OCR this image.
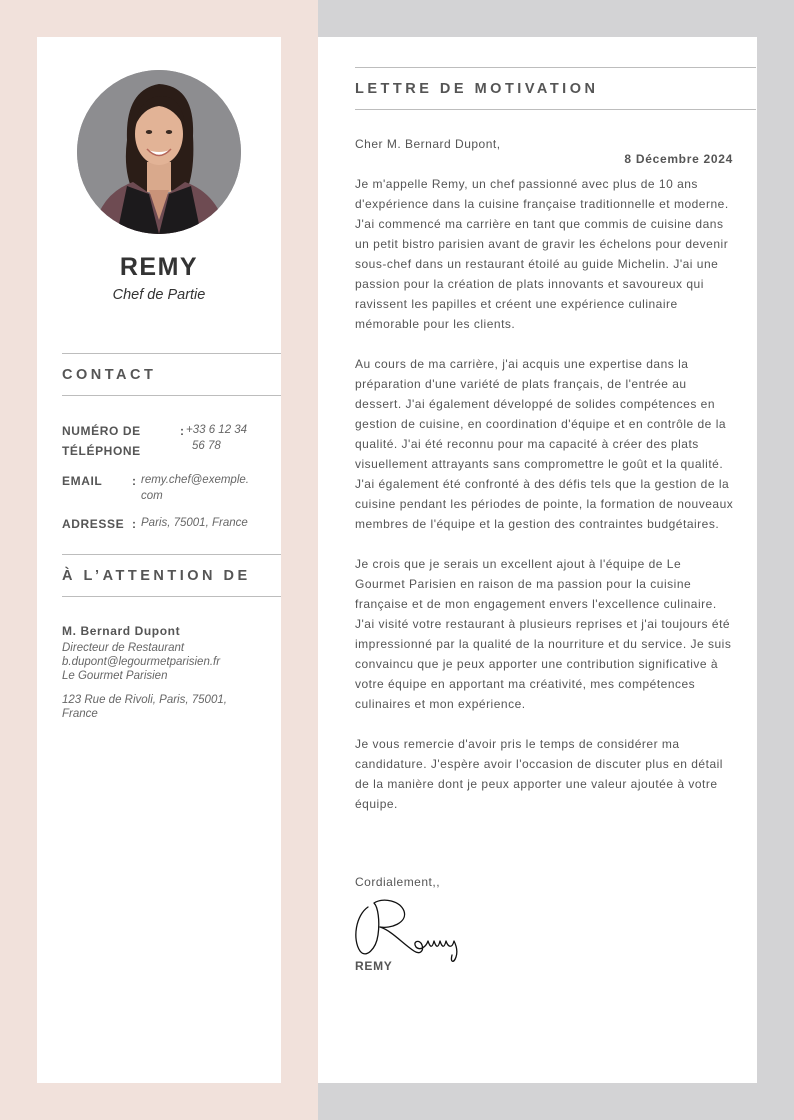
REMY
Chef de Partie
CONTACT
NUMÉRO DE
TÉLÉPHONE
: +33 6 12 34
56 78
EMAIL	: remy.chef@exemple.
com
ADRESSE : Paris, 75001, France
À L’ATTENTION DE
M. Bernard Dupont
Directeur de Restaurant
b.dupont@legourmetparisien.fr
Le Gourmet Parisien
123 Rue de Rivoli, Paris, 75001,
France
LETTRE DE MOTIVATION
Cher M. Bernard Dupont,
8 Décembre 2024

Je m'appelle Remy, un chef passionné avec plus de 10 ans d'expérience dans la cuisine française traditionnelle et moderne. J'ai commencé ma carrière en tant que commis de cuisine dans un petit bistro parisien avant de gravir les échelons pour devenir sous-chef dans un restaurant étoilé au guide Michelin. J'ai une passion pour la création de plats innovants et savoureux qui ravissent les papilles et créent une expérience culinaire mémorable pour les clients.

Au cours de ma carrière, j'ai acquis une expertise dans la préparation d'une variété de plats français, de l'entrée au dessert. J'ai également développé de solides compétences en gestion de cuisine, en coordination d'équipe et en contrôle de la qualité. J'ai été reconnu pour ma capacité à créer des plats visuellement attrayants sans compromettre le goût et la qualité. J'ai également été confronté à des défis tels que la gestion de la cuisine pendant les périodes de pointe, la formation de nouveaux membres de l'équipe et la gestion des contraintes budgétaires.

Je crois que je serais un excellent ajout à l'équipe de Le Gourmet Parisien en raison de ma passion pour la cuisine française et de mon engagement envers l'excellence culinaire. J'ai visité votre restaurant à plusieurs reprises et j'ai toujours été impressionné par la qualité de la nourriture et du service. Je suis convaincu que je peux apporter une contribution significative à votre équipe en apportant ma créativité, mes compétences culinaires et mon expérience.

Je vous remercie d'avoir pris le temps de considérer ma candidature. J'espère avoir l'occasion de discuter plus en détail de la manière dont je peux apporter une valeur ajoutée à votre équipe.

Cordialement,,
REMY
